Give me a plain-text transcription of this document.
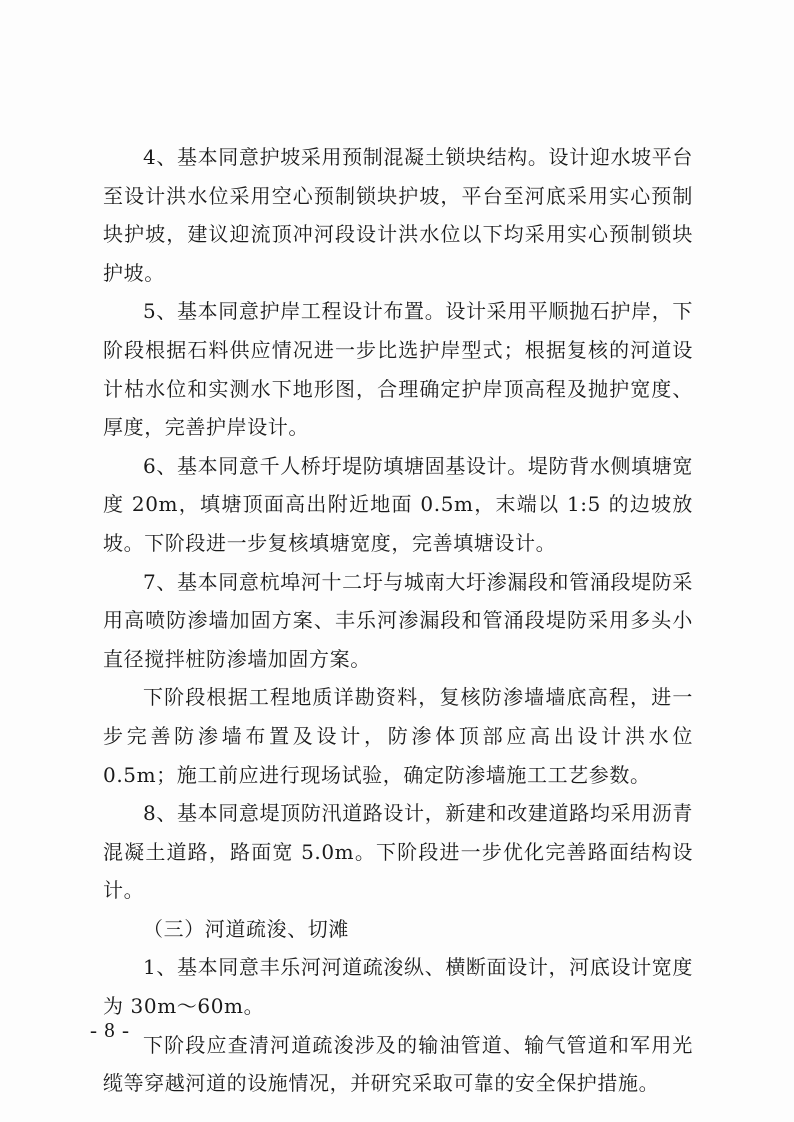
4、基本同意护坡采用预制混凝土锁块结构。设计迎水坡平台至设计洪水位采用空心预制锁块护坡，平台至河底采用实心预制块护坡，建议迎流顶冲河段设计洪水位以下均采用实心预制锁块护坡。

5、基本同意护岸工程设计布置。设计采用平顺抛石护岸，下阶段根据石料供应情况进一步比选护岸型式；根据复核的河道设计枯水位和实测水下地形图，合理确定护岸顶高程及抛护宽度、厚度，完善护岸设计。

6、基本同意千人桥圩堤防填塘固基设计。堤防背水侧填塘宽度 20m，填塘顶面高出附近地面 0.5m，末端以 1:5 的边坡放坡。下阶段进一步复核填塘宽度，完善填塘设计。

7、基本同意杭埠河十二圩与城南大圩渗漏段和管涌段堤防采用高喷防渗墙加固方案、丰乐河渗漏段和管涌段堤防采用多头小直径搅拌桩防渗墙加固方案。

下阶段根据工程地质详勘资料，复核防渗墙墙底高程，进一步完善防渗墙布置及设计，防渗体顶部应高出设计洪水位 0.5m；施工前应进行现场试验，确定防渗墙施工工艺参数。

8、基本同意堤顶防汛道路设计，新建和改建道路均采用沥青混凝土道路，路面宽 5.0m。下阶段进一步优化完善路面结构设计。

（三）河道疏浚、切滩

1、基本同意丰乐河河道疏浚纵、横断面设计，河底设计宽度为 30m～60m。

下阶段应查清河道疏浚涉及的输油管道、输气管道和军用光缆等穿越河道的设施情况，并研究采取可靠的安全保护措施。

- 8 -
